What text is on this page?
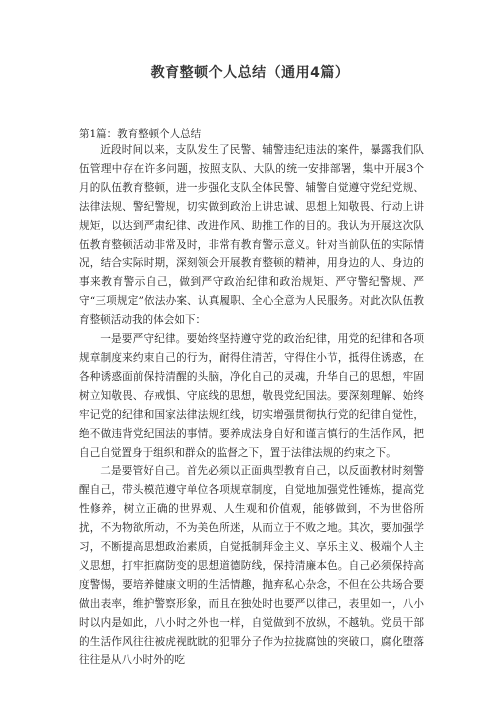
教育整顿个人总结（通用4篇）
第1篇：教育整顿个人总结

近段时间以来，支队发生了民警、辅警违纪违法的案件，暴露我们队伍管理中存在许多问题，按照支队、大队的统一安排部署，集中开展3个月的队伍教育整顿，进一步强化支队全体民警、辅警自觉遵守党纪党规、法律法规、警纪警规，切实做到政治上讲忠诚、思想上知敬畏、行动上讲规矩，以达到严肃纪律、改进作风、助推工作的目的。我认为开展这次队伍教育整顿活动非常及时，非常有教育警示意义。针对当前队伍的实际情况，结合实际时期，深刻领会开展教育整顿的精神，用身边的人、身边的事来教育警示自己，做到严守政治纪律和政治规矩、严守警纪警规、严守“三项规定”依法办案、认真履职、全心全意为人民服务。对此次队伍教育整顿活动我的体会如下：

一是要严守纪律。要始终坚持遵守党的政治纪律，用党的纪律和各项规章制度来约束自己的行为，耐得住清苦，守得住小节，抵得住诱惑，在各种诱惑面前保持清醒的头脑，净化自己的灵魂，升华自己的思想，牢固树立知敬畏、存戒惧、守底线的思想，敬畏党纪国法。要深刻理解、始终牢记党的纪律和国家法律法规红线，切实增强贯彻执行党的纪律自觉性，绝不做违背党纪国法的事情。要养成法身自好和谨言慎行的生活作风，把自己自觉置身于组织和群众的监督之下，置于法律法规的约束之下。

二是要管好自己。首先必须以正面典型教育自己，以反面教材时刻警醒自己，带头模范遵守单位各项规章制度，自觉地加强党性锤炼，提高党性修养，树立正确的世界观、人生观和价值观，能够做到，不为世俗所扰，不为物欲所动，不为美色所迷，从而立于不败之地。其次，要加强学习，不断提高思想政治素质，自觉抵制拜金主义、享乐主义、极端个人主义思想，打牢拒腐防变的思想道德防线，保持清廉本色。自己必须保持高度警惕，要培养健康文明的生活情趣，抛弃私心杂念，不但在公共场合要做出表率，维护警察形象，而且在独处时也要严以律己，表里如一，八小时以内是如此，八小时之外也一样，自觉做到不放纵，不越轨。党员干部的生活作风往往被虎视眈眈的犯罪分子作为拉拢腐蚀的突破口，腐化堕落往往是从八小时外的吃
